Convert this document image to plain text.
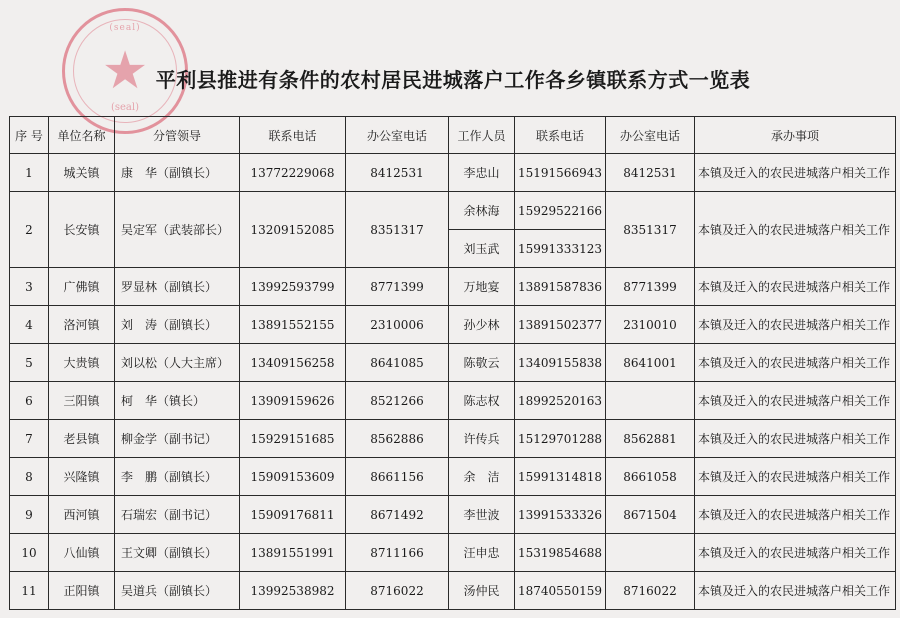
(seal)
★
(seal)
平利县推进有条件的农村居民进城落户工作各乡镇联系方式一览表
序 号	单位名称	分管领导	联系电话	办公室电话	工作人员	联系电话	办公室电话	承办事项
1	城关镇	康　华（副镇长）	13772229068	8412531	李忠山	15191566943	8412531	本镇及迁入的农民进城落户相关工作
2	长安镇	吴定军（武装部长）	13209152085	8351317	余林海	15929522166	8351317	本镇及迁入的农民进城落户相关工作
					刘玉武	15991333123		
3	广佛镇	罗显林（副镇长）	13992593799	8771399	万地宴	13891587836	8771399	本镇及迁入的农民进城落户相关工作
4	洛河镇	刘　涛（副镇长）	13891552155	2310006	孙少林	13891502377	2310010	本镇及迁入的农民进城落户相关工作
5	大贵镇	刘以松（人大主席）	13409156258	8641085	陈敬云	13409155838	8641001	本镇及迁入的农民进城落户相关工作
6	三阳镇	柯　华（镇长）	13909159626	8521266	陈志权	18992520163		本镇及迁入的农民进城落户相关工作
7	老县镇	柳金学（副书记）	15929151685	8562886	许传兵	15129701288	8562881	本镇及迁入的农民进城落户相关工作
8	兴隆镇	李　鹏（副镇长）	15909153609	8661156	余　洁	15991314818	8661058	本镇及迁入的农民进城落户相关工作
9	西河镇	石瑞宏（副书记）	15909176811	8671492	李世波	13991533326	8671504	本镇及迁入的农民进城落户相关工作
10	八仙镇	王文卿（副镇长）	13891551991	8711166	汪申忠	15319854688		本镇及迁入的农民进城落户相关工作
11	正阳镇	吴道兵（副镇长）	13992538982	8716022	汤仲民	18740550159	8716022	本镇及迁入的农民进城落户相关工作
